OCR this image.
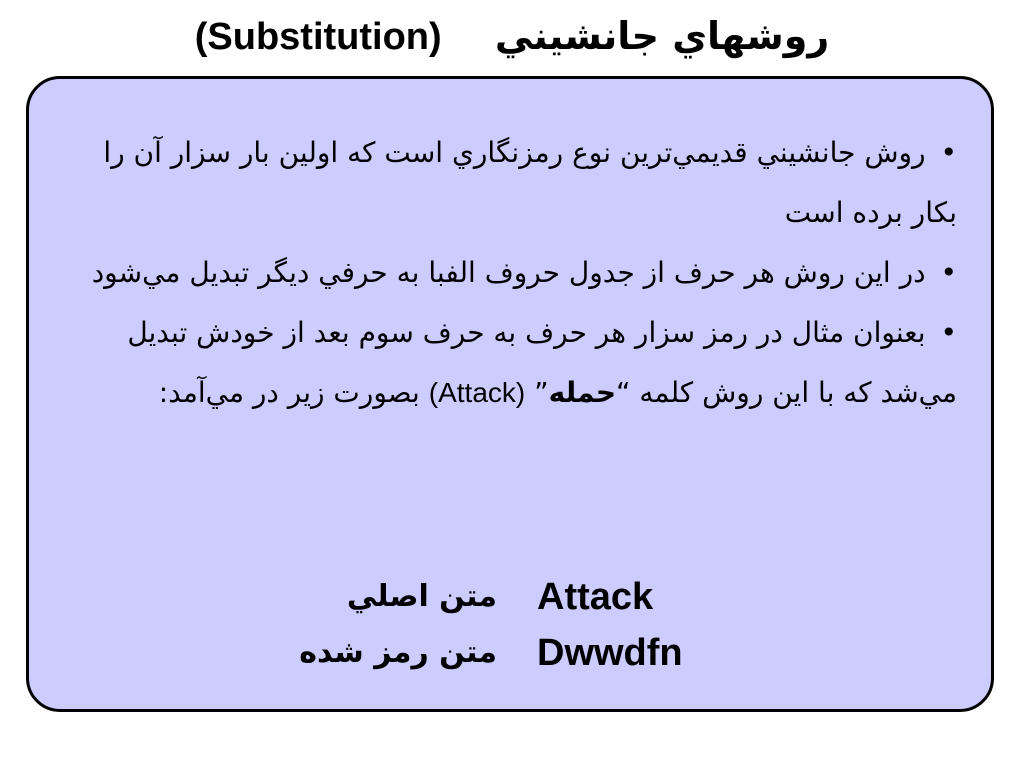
(Substitution) روشهاي جانشيني
• روش جانشيني قديمي‌ترين نوع رمزنگاري است كه اولين بار سزار آن را بكار برده است
• در اين روش هر حرف از جدول حروف الفبا به حرفي ديگر تبديل مي‌شود
• بعنوان مثال در رمز سزار هر حرف به حرف سوم بعد از خودش تبديل مي‌شد كه با اين روش كلمه “حمله” (Attack) بصورت زير در مي‌آمد:
Attack
متن اصلي
Dwwdfn
متن رمز شده
